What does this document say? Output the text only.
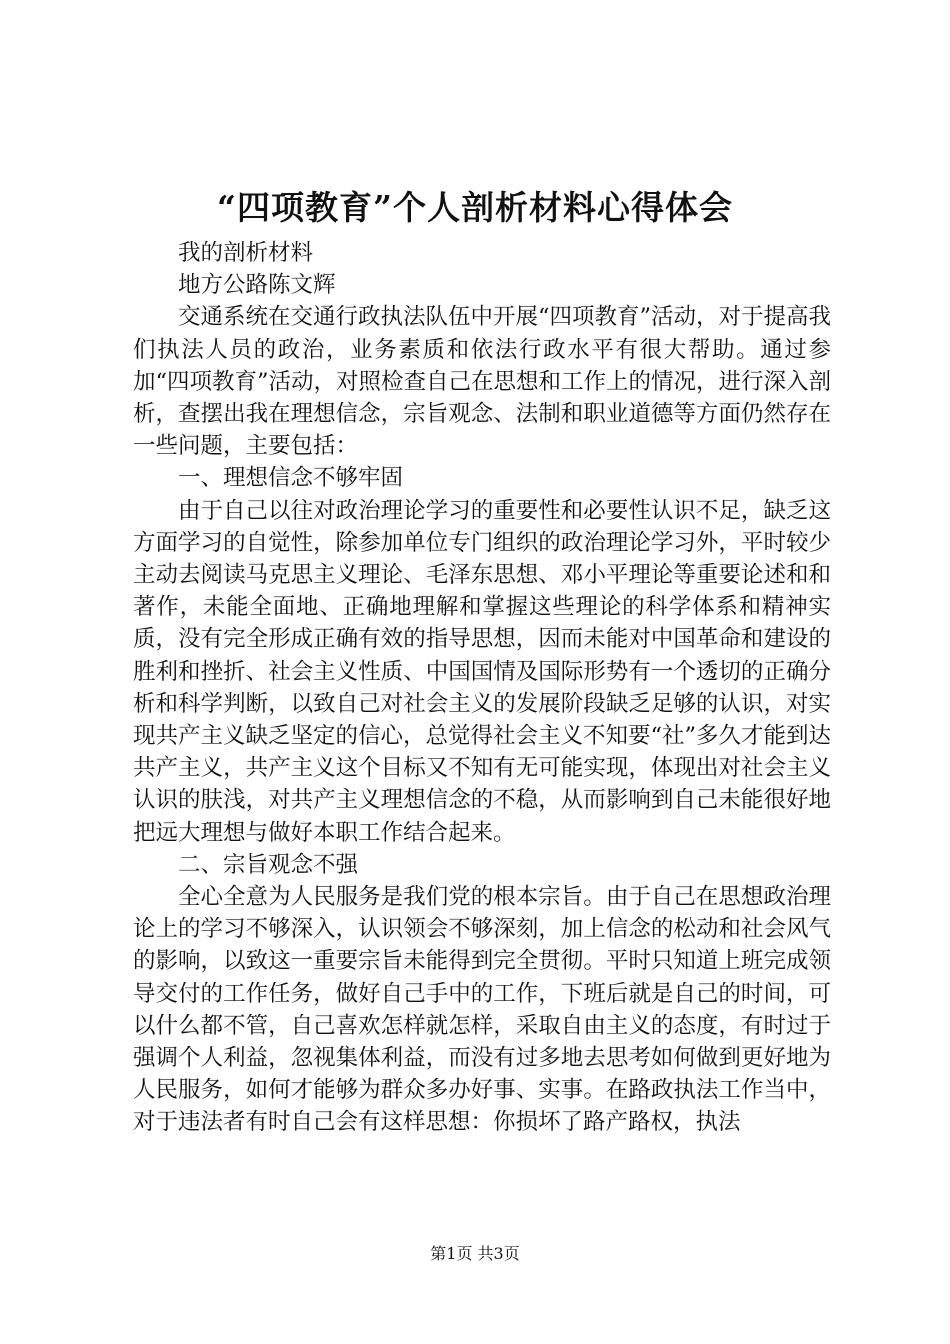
“四项教育”个人剖析材料心得体会

我的剖析材料

地方公路陈文辉

交通系统在交通行政执法队伍中开展“四项教育”活动，对于提高我们执法人员的政治，业务素质和依法行政水平有很大帮助。通过参加“四项教育”活动，对照检查自己在思想和工作上的情况，进行深入剖析，查摆出我在理想信念，宗旨观念、法制和职业道德等方面仍然存在一些问题，主要包括：

一、理想信念不够牢固

由于自己以往对政治理论学习的重要性和必要性认识不足，缺乏这方面学习的自觉性，除参加单位专门组织的政治理论学习外，平时较少主动去阅读马克思主义理论、毛泽东思想、邓小平理论等重要论述和和著作，未能全面地、正确地理解和掌握这些理论的科学体系和精神实质，没有完全形成正确有效的指导思想，因而未能对中国革命和建设的胜利和挫折、社会主义性质、中国国情及国际形势有一个透切的正确分析和科学判断，以致自己对社会主义的发展阶段缺乏足够的认识，对实现共产主义缺乏坚定的信心，总觉得社会主义不知要“社”多久才能到达共产主义，共产主义这个目标又不知有无可能实现，体现出对社会主义认识的肤浅，对共产主义理想信念的不稳，从而影响到自己未能很好地把远大理想与做好本职工作结合起来。

二、宗旨观念不强

全心全意为人民服务是我们党的根本宗旨。由于自己在思想政治理论上的学习不够深入，认识领会不够深刻，加上信念的松动和社会风气的影响，以致这一重要宗旨未能得到完全贯彻。平时只知道上班完成领导交付的工作任务，做好自己手中的工作，下班后就是自己的时间，可以什么都不管，自己喜欢怎样就怎样，采取自由主义的态度，有时过于强调个人利益，忽视集体利益，而没有过多地去思考如何做到更好地为人民服务，如何才能够为群众多办好事、实事。在路政执法工作当中，对于违法者有时自己会有这样思想：你损坏了路产路权，执法

第1页 共3页
